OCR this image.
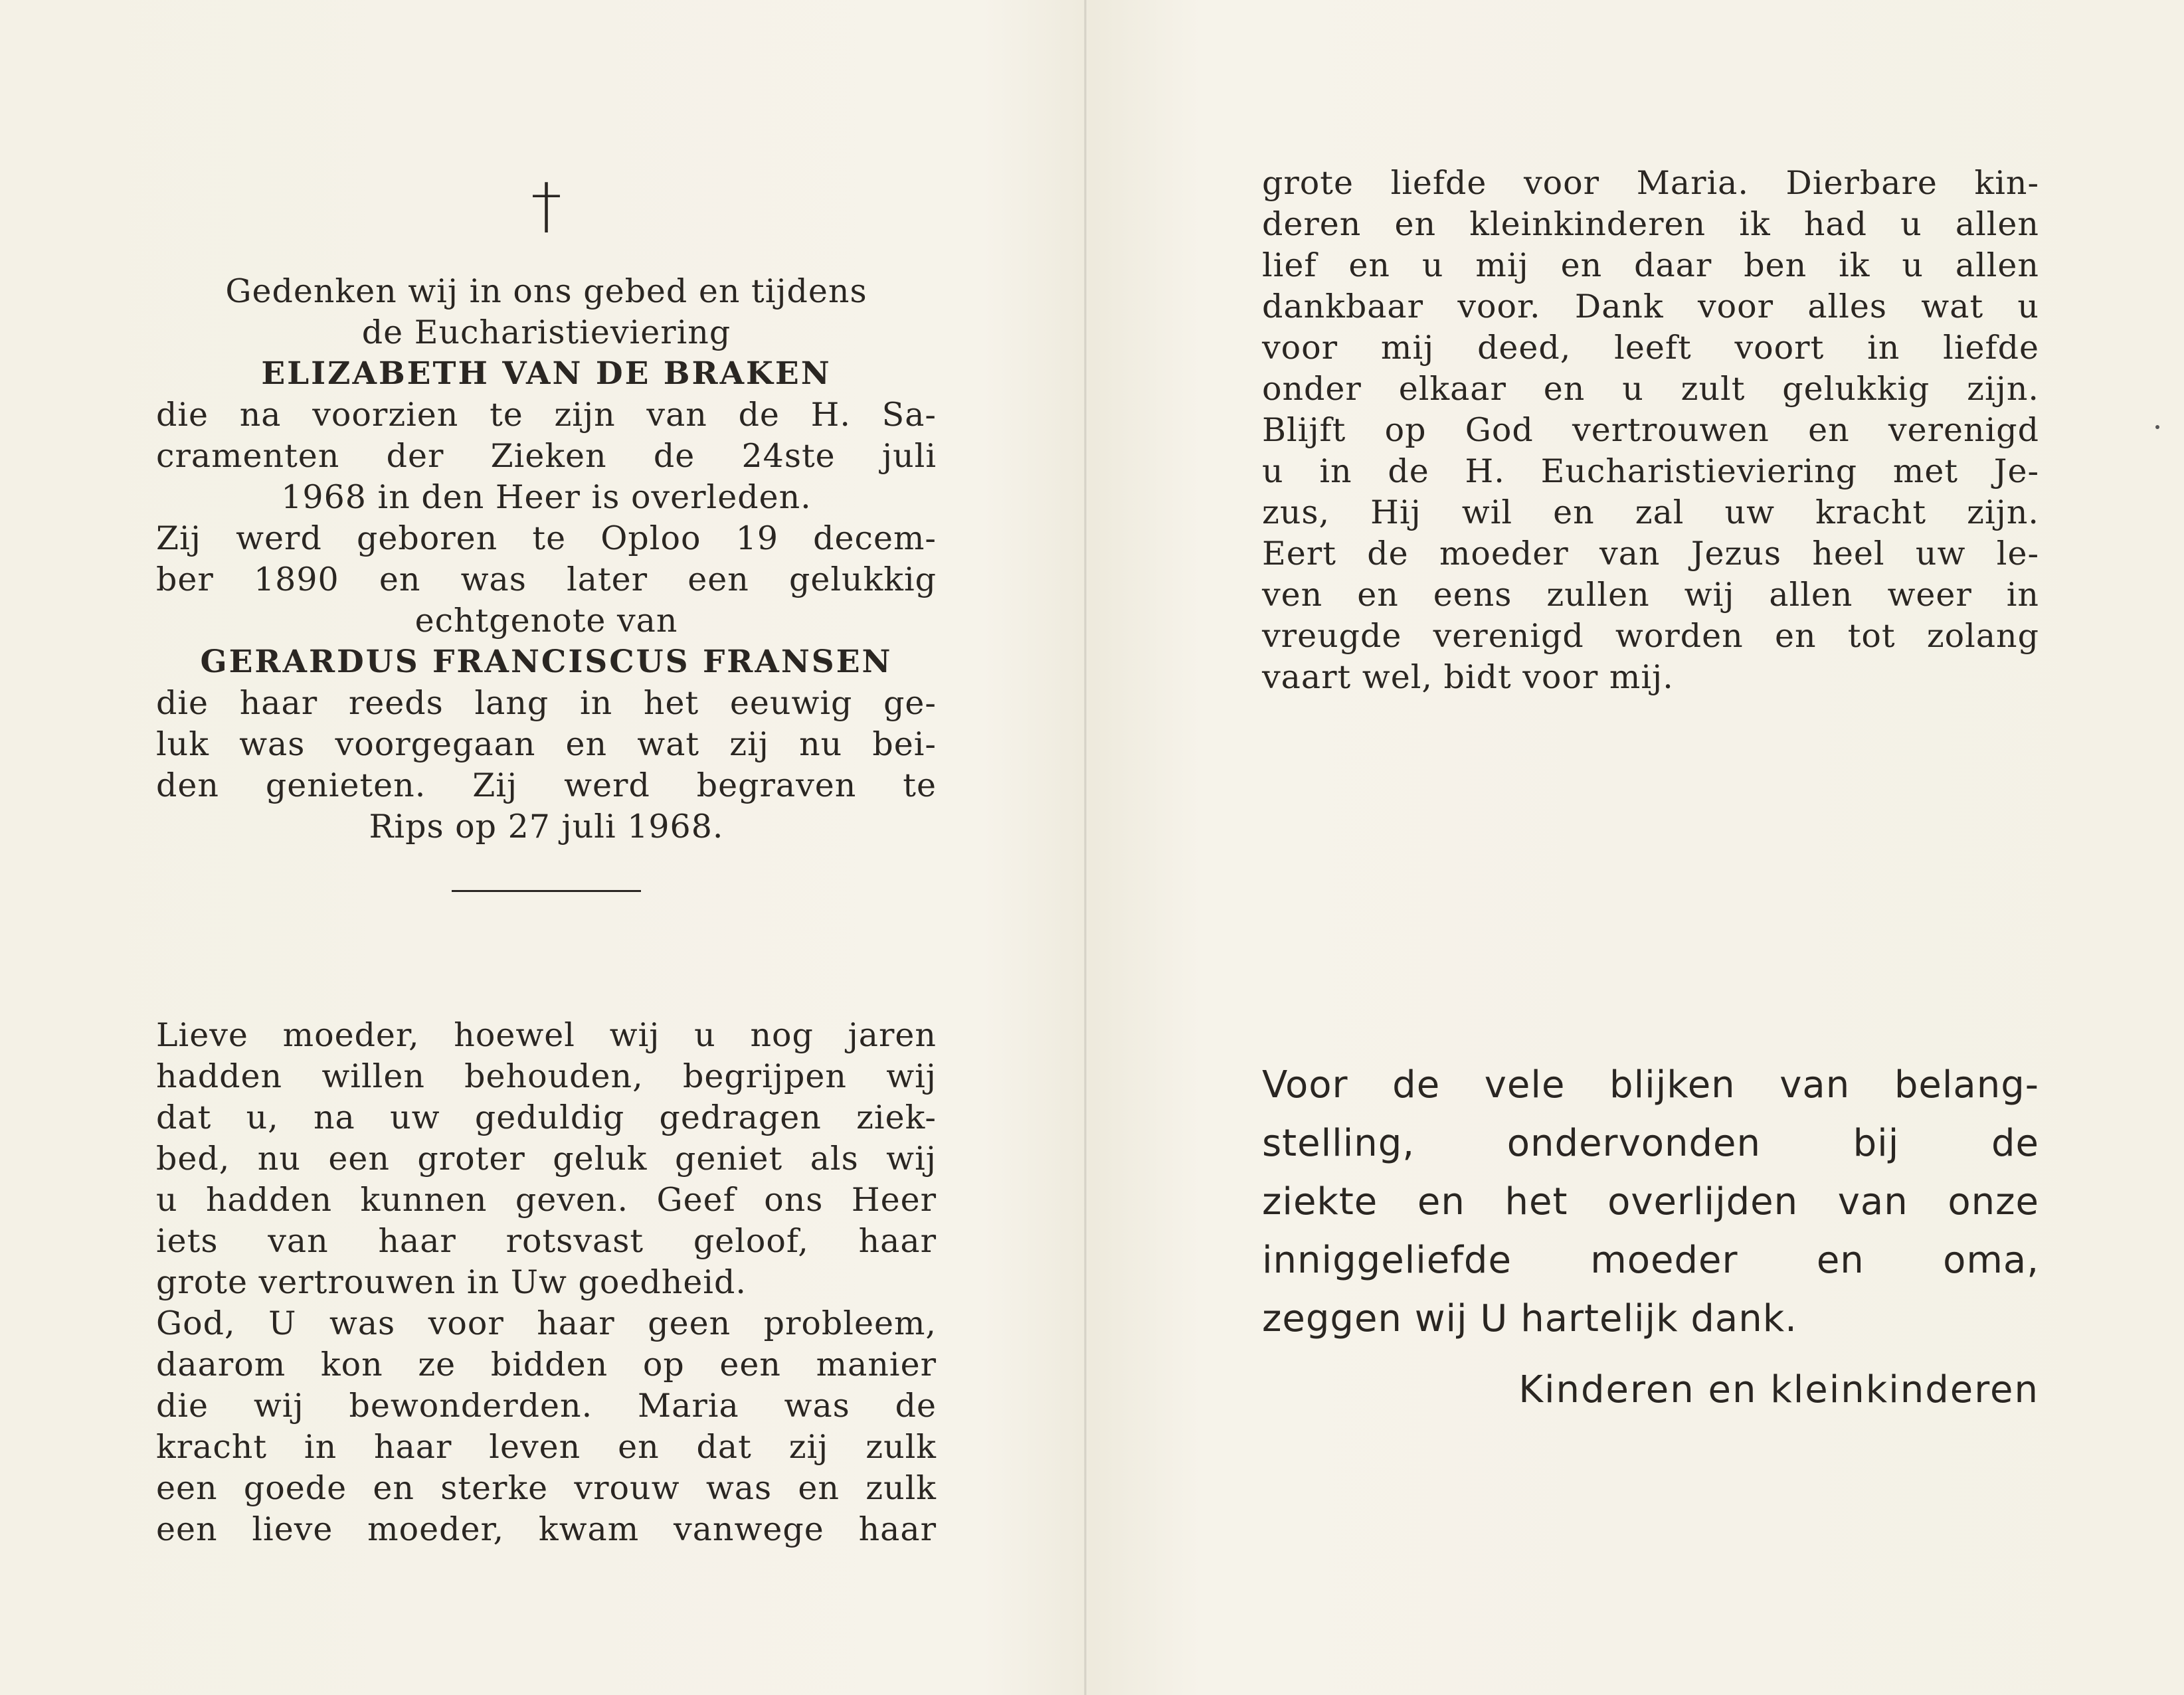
†
Gedenken wij in ons gebed en tijdens
de Eucharistieviering
ELIZABETH VAN DE BRAKEN
die na voorzien te zijn van de H. Sa-
cramenten der Zieken de 24ste juli
1968 in den Heer is overleden.
Zij werd geboren te Oploo 19 decem-
ber 1890 en was later een gelukkig
echtgenote van
GERARDUS FRANCISCUS FRANSEN
die haar reeds lang in het eeuwig ge-
luk was voorgegaan en wat zij nu bei-
den genieten. Zij werd begraven te
Rips op 27 juli 1968.
Lieve moeder, hoewel wij u nog jaren
hadden willen behouden, begrijpen wij
dat u, na uw geduldig gedragen ziek-
bed, nu een groter geluk geniet als wij
u hadden kunnen geven. Geef ons Heer
iets van haar rotsvast geloof, haar
grote vertrouwen in Uw goedheid.
God, U was voor haar geen probleem,
daarom kon ze bidden op een manier
die wij bewonderden. Maria was de
kracht in haar leven en dat zij zulk
een goede en sterke vrouw was en zulk
een lieve moeder, kwam vanwege haar
grote liefde voor Maria. Dierbare kin-
deren en kleinkinderen ik had u allen
lief en u mij en daar ben ik u allen
dankbaar voor. Dank voor alles wat u
voor mij deed, leeft voort in liefde
onder elkaar en u zult gelukkig zijn.
Blijft op God vertrouwen en verenigd
u in de H. Eucharistieviering met Je-
zus, Hij wil en zal uw kracht zijn.
Eert de moeder van Jezus heel uw le-
ven en eens zullen wij allen weer in
vreugde verenigd worden en tot zolang
vaart wel, bidt voor mij.
Voor de vele blijken van belang-
stelling, ondervonden bij de
ziekte en het overlijden van onze
inniggeliefde moeder en oma,
zeggen wij U hartelijk dank.
Kinderen en kleinkinderen
